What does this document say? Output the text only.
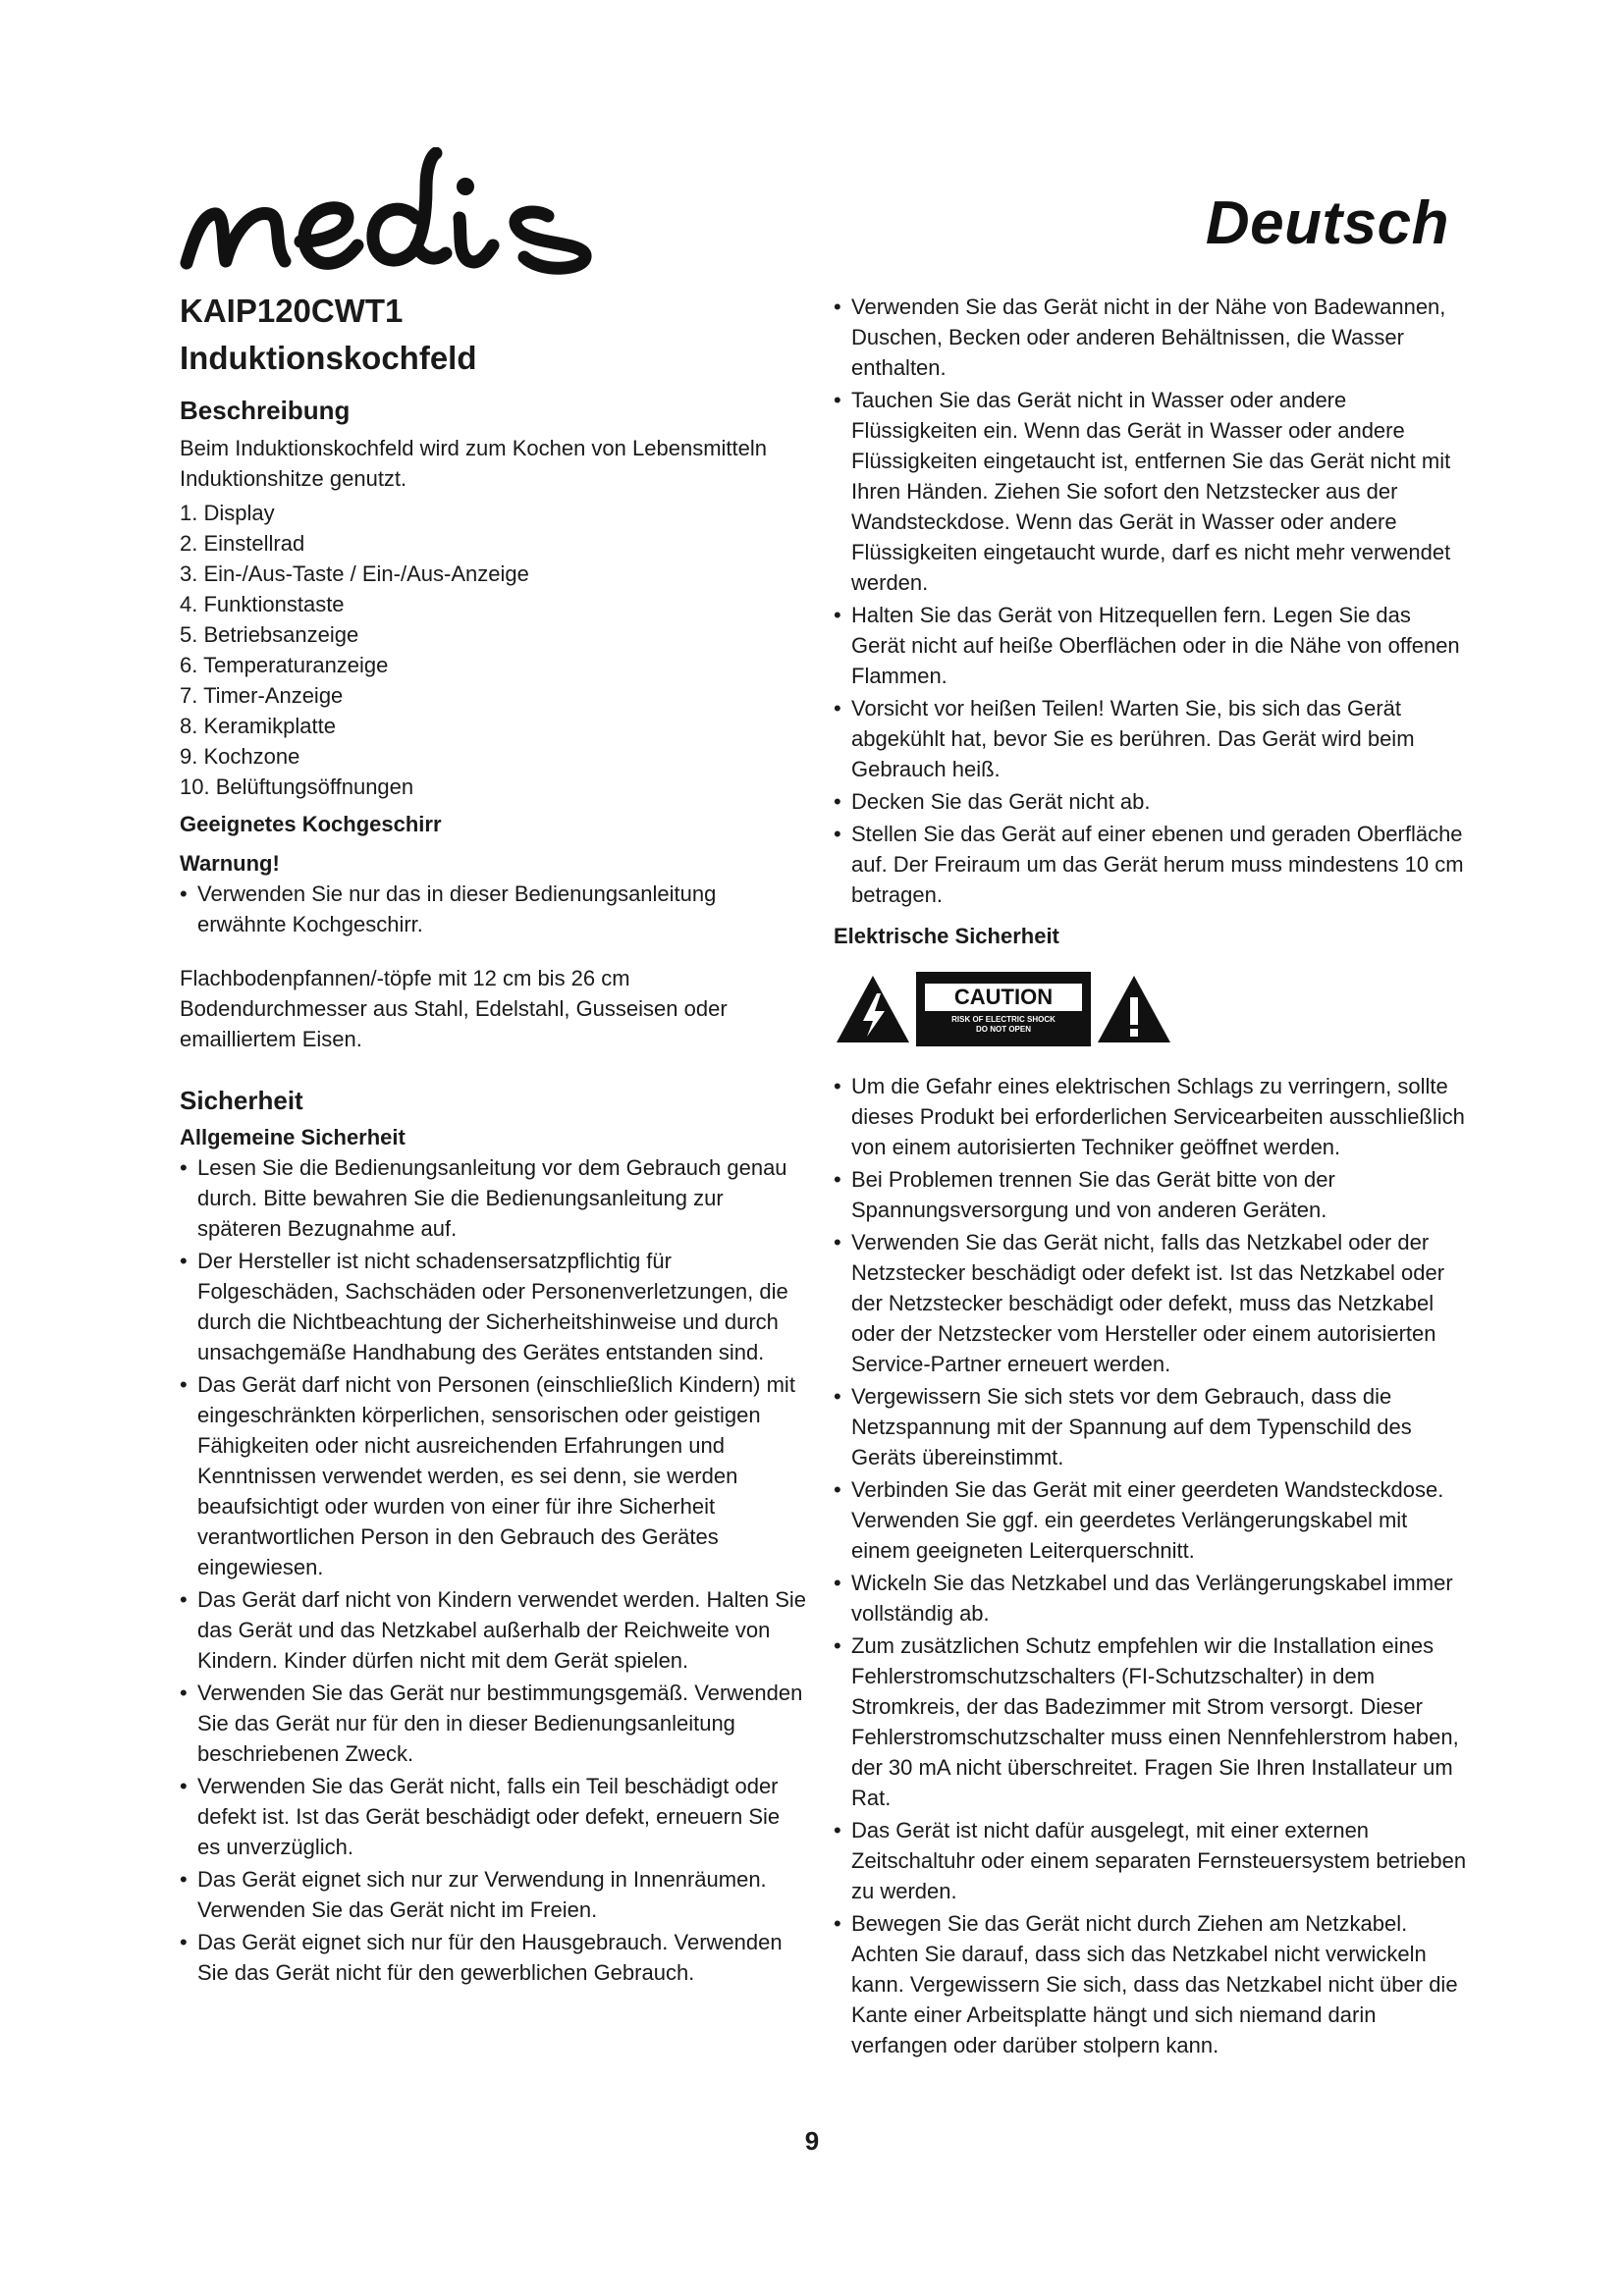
Deutsch
KAIP120CWT1
Induktionskochfeld
Beschreibung

Beim Induktionskochfeld wird zum Kochen von Lebensmitteln Induktionshitze genutzt.

1. Display
2. Einstellrad
3. Ein-/Aus-Taste / Ein-/Aus-Anzeige
4. Funktionstaste
5. Betriebsanzeige
6. Temperaturanzeige
7. Timer-Anzeige
8. Keramikplatte
9. Kochzone
10. Belüftungsöffnungen
Geeignetes Kochgeschirr
Warnung!
• Verwenden Sie nur das in dieser Bedienungsanleitung erwähnte Kochgeschirr.

Flachbodenpfannen/-töpfe mit 12 cm bis 26 cm Bodendurchmesser aus Stahl, Edelstahl, Gusseisen oder emailliertem Eisen.

Sicherheit
Allgemeine Sicherheit
• Lesen Sie die Bedienungsanleitung vor dem Gebrauch genau durch. Bitte bewahren Sie die Bedienungsanleitung zur späteren Bezugnahme auf.
• Der Hersteller ist nicht schadensersatzpflichtig für Folgeschäden, Sachschäden oder Personenverletzungen, die durch die Nichtbeachtung der Sicherheitshinweise und durch unsachgemäße Handhabung des Gerätes entstanden sind.
• Das Gerät darf nicht von Personen (einschließlich Kindern) mit eingeschränkten körperlichen, sensorischen oder geistigen Fähigkeiten oder nicht ausreichenden Erfahrungen und Kenntnissen verwendet werden, es sei denn, sie werden beaufsichtigt oder wurden von einer für ihre Sicherheit verantwortlichen Person in den Gebrauch des Gerätes eingewiesen.
• Das Gerät darf nicht von Kindern verwendet werden. Halten Sie das Gerät und das Netzkabel außerhalb der Reichweite von Kindern. Kinder dürfen nicht mit dem Gerät spielen.
• Verwenden Sie das Gerät nur bestimmungsgemäß. Verwenden Sie das Gerät nur für den in dieser Bedienungsanleitung beschriebenen Zweck.
• Verwenden Sie das Gerät nicht, falls ein Teil beschädigt oder defekt ist. Ist das Gerät beschädigt oder defekt, erneuern Sie es unverzüglich.
• Das Gerät eignet sich nur zur Verwendung in Innenräumen. Verwenden Sie das Gerät nicht im Freien.
• Das Gerät eignet sich nur für den Hausgebrauch. Verwenden Sie das Gerät nicht für den gewerblichen Gebrauch.
• Verwenden Sie das Gerät nicht in der Nähe von Badewannen, Duschen, Becken oder anderen Behältnissen, die Wasser enthalten.
• Tauchen Sie das Gerät nicht in Wasser oder andere Flüssigkeiten ein. Wenn das Gerät in Wasser oder andere Flüssigkeiten eingetaucht ist, entfernen Sie das Gerät nicht mit Ihren Händen. Ziehen Sie sofort den Netzstecker aus der Wandsteckdose. Wenn das Gerät in Wasser oder andere Flüssigkeiten eingetaucht wurde, darf es nicht mehr verwendet werden.
• Halten Sie das Gerät von Hitzequellen fern. Legen Sie das Gerät nicht auf heiße Oberflächen oder in die Nähe von offenen Flammen.
• Vorsicht vor heißen Teilen! Warten Sie, bis sich das Gerät abgekühlt hat, bevor Sie es berühren. Das Gerät wird beim Gebrauch heiß.
• Decken Sie das Gerät nicht ab.
• Stellen Sie das Gerät auf einer ebenen und geraden Oberfläche auf. Der Freiraum um das Gerät herum muss mindestens 10 cm betragen.
Elektrische Sicherheit
CAUTION
RISK OF ELECTRIC SHOCK
DO NOT OPEN
• Um die Gefahr eines elektrischen Schlags zu verringern, sollte dieses Produkt bei erforderlichen Servicearbeiten ausschließlich von einem autorisierten Techniker geöffnet werden.
• Bei Problemen trennen Sie das Gerät bitte von der Spannungsversorgung und von anderen Geräten.
• Verwenden Sie das Gerät nicht, falls das Netzkabel oder der Netzstecker beschädigt oder defekt ist. Ist das Netzkabel oder der Netzstecker beschädigt oder defekt, muss das Netzkabel oder der Netzstecker vom Hersteller oder einem autorisierten Service-Partner erneuert werden.
• Vergewissern Sie sich stets vor dem Gebrauch, dass die Netzspannung mit der Spannung auf dem Typenschild des Geräts übereinstimmt.
• Verbinden Sie das Gerät mit einer geerdeten Wandsteckdose. Verwenden Sie ggf. ein geerdetes Verlängerungskabel mit einem geeigneten Leiterquerschnitt.
• Wickeln Sie das Netzkabel und das Verlängerungskabel immer vollständig ab.
• Zum zusätzlichen Schutz empfehlen wir die Installation eines Fehlerstromschutzschalters (FI-Schutzschalter) in dem Stromkreis, der das Badezimmer mit Strom versorgt. Dieser Fehlerstromschutzschalter muss einen Nennfehlerstrom haben, der 30 mA nicht überschreitet. Fragen Sie Ihren Installateur um Rat.
• Das Gerät ist nicht dafür ausgelegt, mit einer externen Zeitschaltuhr oder einem separaten Fernsteuersystem betrieben zu werden.
• Bewegen Sie das Gerät nicht durch Ziehen am Netzkabel. Achten Sie darauf, dass sich das Netzkabel nicht verwickeln kann. Vergewissern Sie sich, dass das Netzkabel nicht über die Kante einer Arbeitsplatte hängt und sich niemand darin verfangen oder darüber stolpern kann.
9
